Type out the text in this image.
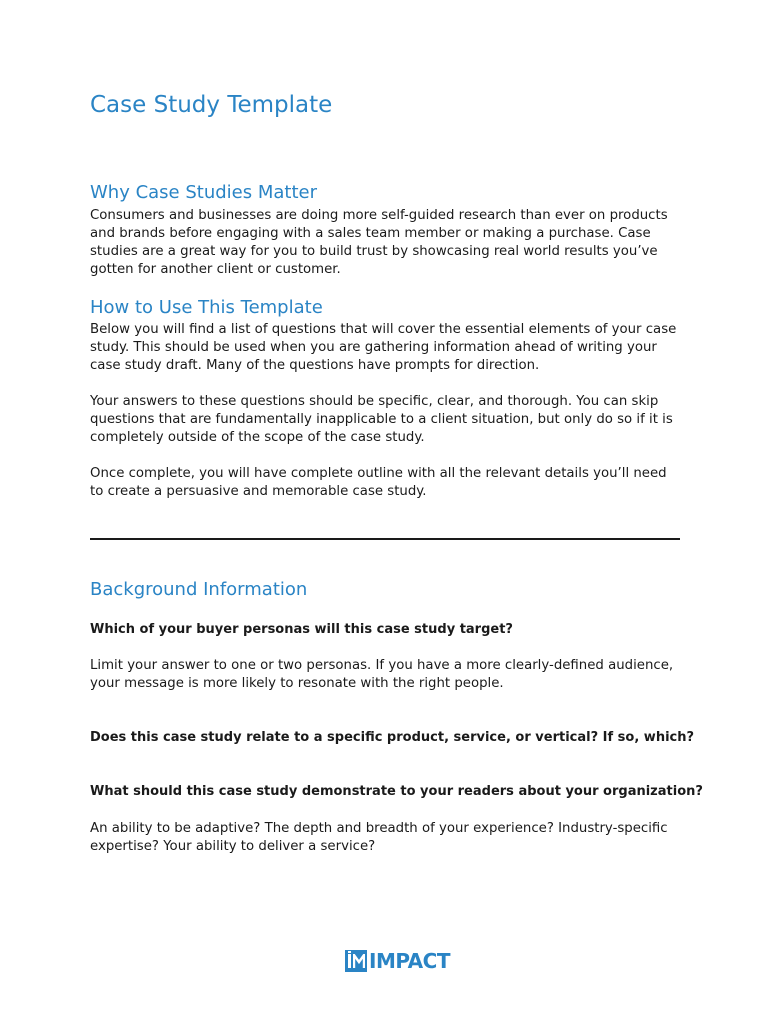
Case Study Template
Why Case Studies Matter

Consumers and businesses are doing more self-guided research than ever on products and brands before engaging with a sales team member or making a purchase. Case studies are a great way for you to build trust by showcasing real world results you’ve gotten for another client or customer.

How to Use This Template

Below you will find a list of questions that will cover the essential elements of your case study. This should be used when you are gathering information ahead of writing your case study draft. Many of the questions have prompts for direction.

Your answers to these questions should be specific, clear, and thorough. You can skip questions that are fundamentally inapplicable to a client situation, but only do so if it is completely outside of the scope of the case study.

Once complete, you will have complete outline with all the relevant details you’ll need to create a persuasive and memorable case study.

Background Information

Which of your buyer personas will this case study target?

Limit your answer to one or two personas. If you have a more clearly-defined audience, your message is more likely to resonate with the right people.

Does this case study relate to a specific product, service, or vertical? If so, which?

What should this case study demonstrate to your readers about your organization?

An ability to be adaptive? The depth and breadth of your experience? Industry-specific expertise? Your ability to deliver a service?

IMPACT
